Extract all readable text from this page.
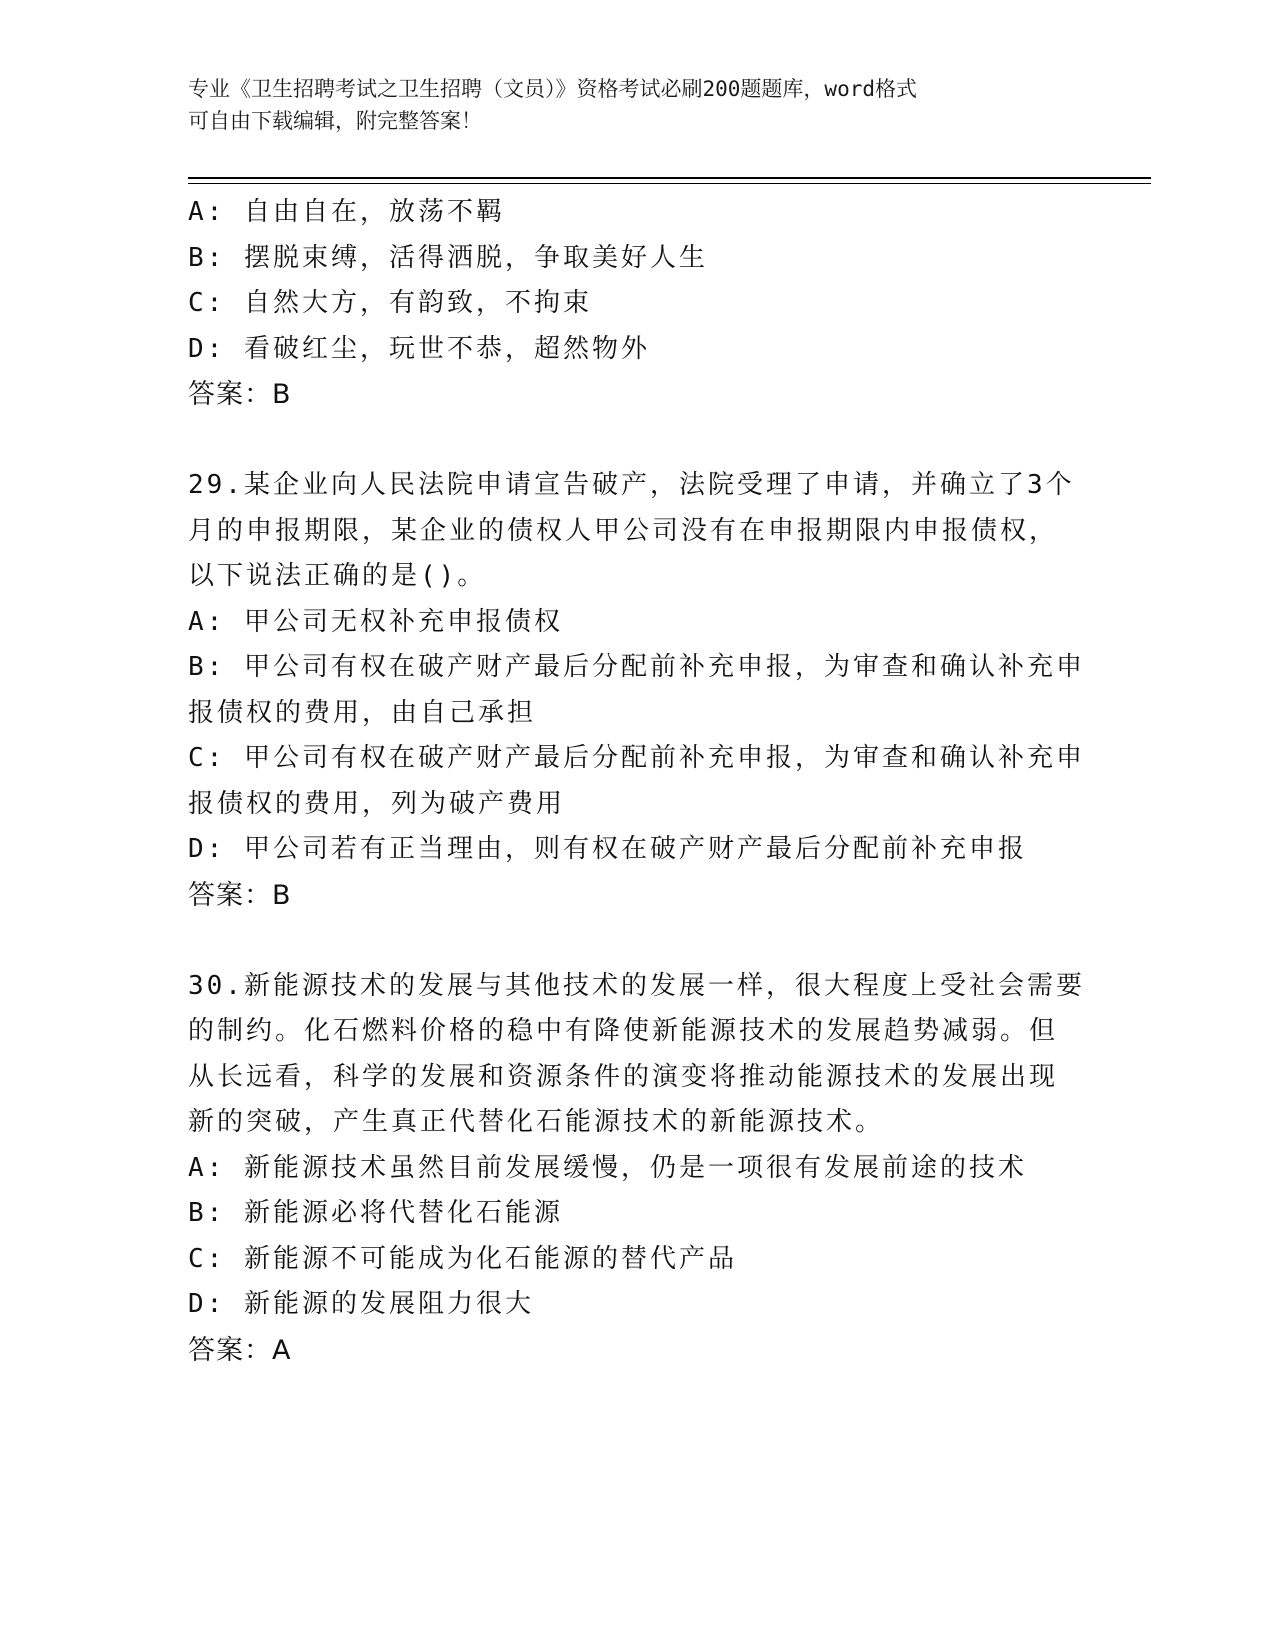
专业《卫生招聘考试之卫生招聘（文员）》资格考试必刷200题题库，word格式
可自由下载编辑，附完整答案！
A: 自由自在，放荡不羁
B: 摆脱束缚，活得洒脱，争取美好人生
C: 自然大方，有韵致，不拘束
D: 看破红尘，玩世不恭，超然物外
答案：B
29.某企业向人民法院申请宣告破产，法院受理了申请，并确立了3个
月的申报期限，某企业的债权人甲公司没有在申报期限内申报债权，
以下说法正确的是()。
A: 甲公司无权补充申报债权
B: 甲公司有权在破产财产最后分配前补充申报，为审查和确认补充申
报债权的费用，由自己承担
C: 甲公司有权在破产财产最后分配前补充申报，为审查和确认补充申
报债权的费用，列为破产费用
D: 甲公司若有正当理由，则有权在破产财产最后分配前补充申报
答案：B
30.新能源技术的发展与其他技术的发展一样，很大程度上受社会需要
的制约。化石燃料价格的稳中有降使新能源技术的发展趋势减弱。但
从长远看，科学的发展和资源条件的演变将推动能源技术的发展出现
新的突破，产生真正代替化石能源技术的新能源技术。
A: 新能源技术虽然目前发展缓慢，仍是一项很有发展前途的技术
B: 新能源必将代替化石能源
C: 新能源不可能成为化石能源的替代产品
D: 新能源的发展阻力很大
答案：A
